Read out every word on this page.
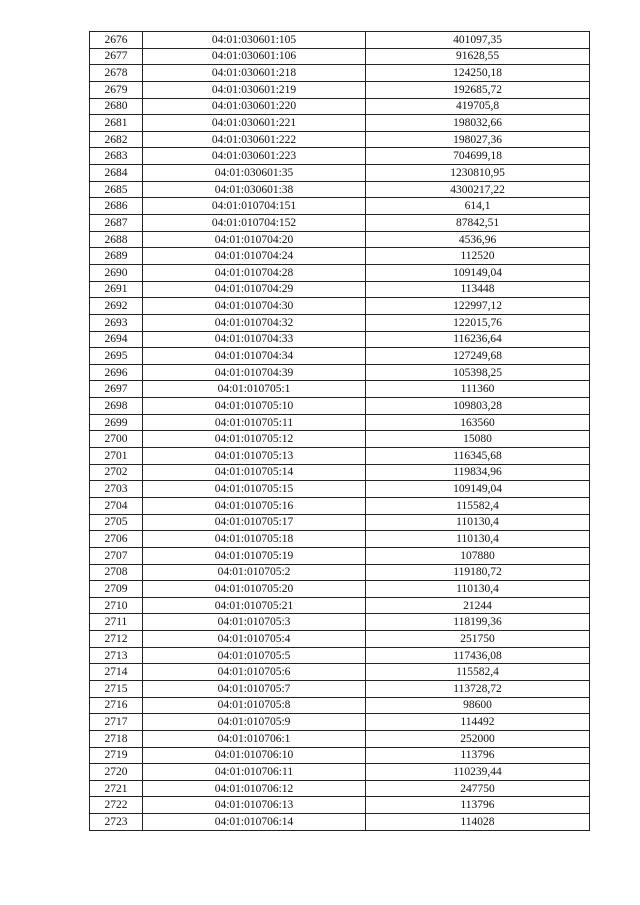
2676	04:01:030601:105	401097,35
2677	04:01:030601:106	91628,55
2678	04:01:030601:218	124250,18
2679	04:01:030601:219	192685,72
2680	04:01:030601:220	419705,8
2681	04:01:030601:221	198032,66
2682	04:01:030601:222	198027,36
2683	04:01:030601:223	704699,18
2684	04:01:030601:35	1230810,95
2685	04:01:030601:38	4300217,22
2686	04:01:010704:151	614,1
2687	04:01:010704:152	87842,51
2688	04:01:010704:20	4536,96
2689	04:01:010704:24	112520
2690	04:01:010704:28	109149,04
2691	04:01:010704:29	113448
2692	04:01:010704:30	122997,12
2693	04:01:010704:32	122015,76
2694	04:01:010704:33	116236,64
2695	04:01:010704:34	127249,68
2696	04:01:010704:39	105398,25
2697	04:01:010705:1	111360
2698	04:01:010705:10	109803,28
2699	04:01:010705:11	163560
2700	04:01:010705:12	15080
2701	04:01:010705:13	116345,68
2702	04:01:010705:14	119834,96
2703	04:01:010705:15	109149,04
2704	04:01:010705:16	115582,4
2705	04:01:010705:17	110130,4
2706	04:01:010705:18	110130,4
2707	04:01:010705:19	107880
2708	04:01:010705:2	119180,72
2709	04:01:010705:20	110130,4
2710	04:01:010705:21	21244
2711	04:01:010705:3	118199,36
2712	04:01:010705:4	251750
2713	04:01:010705:5	117436,08
2714	04:01:010705:6	115582,4
2715	04:01:010705:7	113728,72
2716	04:01:010705:8	98600
2717	04:01:010705:9	114492
2718	04:01:010706:1	252000
2719	04:01:010706:10	113796
2720	04:01:010706:11	110239,44
2721	04:01:010706:12	247750
2722	04:01:010706:13	113796
2723	04:01:010706:14	114028
